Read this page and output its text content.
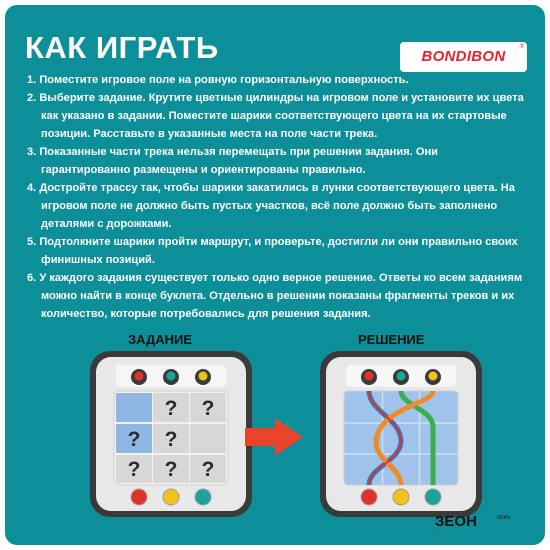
КАК ИГРАТЬ	BONDIBON
®
1. Поместите игровое поле на ровную горизонтальную поверхность.
2. Выберите задание. Крутите цветные цилиндры на игровом поле и установите их цвета как указано в задании. Поместите шарики соответствующего цвета на их стартовые позиции. Расставьте в указанные места на поле части трека.
3. Показанные части трека нельзя перемещать при решении задания. Они гарантированно размещены и ориентированы правильно.
4. Достройте трассу так, чтобы шарики закатились в лунки соответствующего цвета. На игровом поле не должно быть пустых участков, всё поле должно быть заполнено деталями с дорожками.
5. Подтолкните шарики пройти маршрут, и проверьте, достигли ли они правильно своих финишных позиций.
6. У каждого задания существует только одно верное решение. Ответы ко всем заданиям можно найти в конце буклета. Отдельно в решении показаны фрагменты треков и их количество, которые потребовались для решения задания.
ЗАДАНИЕ	РЕШЕНИЕ
? ?
? ?
? ? ?
ЗЕОН	store
zeon+
